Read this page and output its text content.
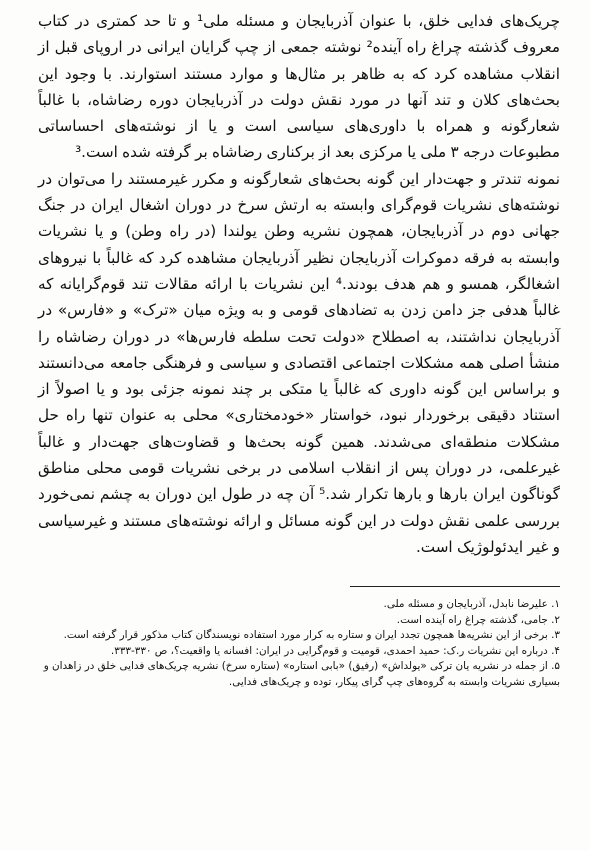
چریک‌های فدایی خلق، با عنوان آذربایجان و مسئله ملی¹ و تا حد کمتری در کتاب معروف گذشته چراغ راه آینده² نوشته جمعی از چپ گرایان ایرانی در اروپای قبل از انقلاب مشاهده کرد که به ظاهر بر مثال‌ها و موارد مستند استوارند. با وجود این بحث‌های کلان و تند آنها در مورد نقش دولت در آذربایجان دوره رضاشاه، با غالباً شعارگونه و همراه با داوری‌های سیاسی است و یا از نوشته‌های احساساتی مطبوعات درجه ۳ ملی یا مرکزی بعد از برکناری رضاشاه بر گرفته شده است.³

نمونه تندتر و جهت‌دار این گونه بحث‌های شعارگونه و مکرر غیرمستند را می‌توان در نوشته‌های نشریات قوم‌گرای وابسته به ارتش سرخ در دوران اشغال ایران در جنگ جهانی دوم در آذربایجان، همچون نشریه وطن یولندا (در راه وطن) و یا نشریات وابسته به فرقه دموکرات آذربایجان نظیر آذربایجان مشاهده کرد که غالباً با نیروهای اشغالگر، همسو و هم هدف بودند.⁴ این نشریات با ارائه مقالات تند قوم‌گرایانه که غالباً هدفی جز دامن زدن به تضادهای قومی و به ویژه میان «ترک» و «فارس» در آذربایجان نداشتند، به اصطلاح «دولت تحت سلطه فارس‌ها» در دوران رضاشاه را منشأ اصلی همه مشکلات اجتماعی اقتصادی و سیاسی و فرهنگی جامعه می‌دانستند و براساس این گونه داوری که غالباً یا متکی بر چند نمونه جزئی بود و یا اصولاً از استناد دقیقی برخوردار نبود، خواستار «خودمختاری» محلی به عنوان تنها راه حل مشکلات منطقه‌ای می‌شدند. همین گونه بحث‌ها و قضاوت‌های جهت‌دار و غالباً غیرعلمی، در دوران پس از انقلاب اسلامی در برخی نشریات قومی محلی مناطق گوناگون ایران بارها و بارها تکرار شد.⁵ آن چه در طول این دوران به چشم نمی‌خورد بررسی علمی نقش دولت در این گونه مسائل و ارائه نوشته‌های مستند و غیرسیاسی و غیر ایدئولوژیک است.

۱. علیرضا نابدل، آذربایجان و مسئله ملی.
۲. جامی، گذشته چراغ راه آینده است.
۳. برخی از این نشریه‌ها همچون تجدد ایران و ستاره به کرار مورد استفاده نویسندگان کتاب مذکور قرار گرفته است.
۴. درباره این نشریات ر.ک: حمید احمدی، قومیت و قوم‌گرایی در ایران: افسانه یا واقعیت؟، ص ۳۳۰-۳۳۳.
۵. از جمله در نشریه یان ترکی «یولداش» (رفیق) «بابی استاره» (ستاره سرخ) نشریه چریک‌های فدایی خلق در زاهدان و بسیاری نشریات وابسته به گروه‌های چپ گرای پیکار، توده و چریک‌های فدایی.
